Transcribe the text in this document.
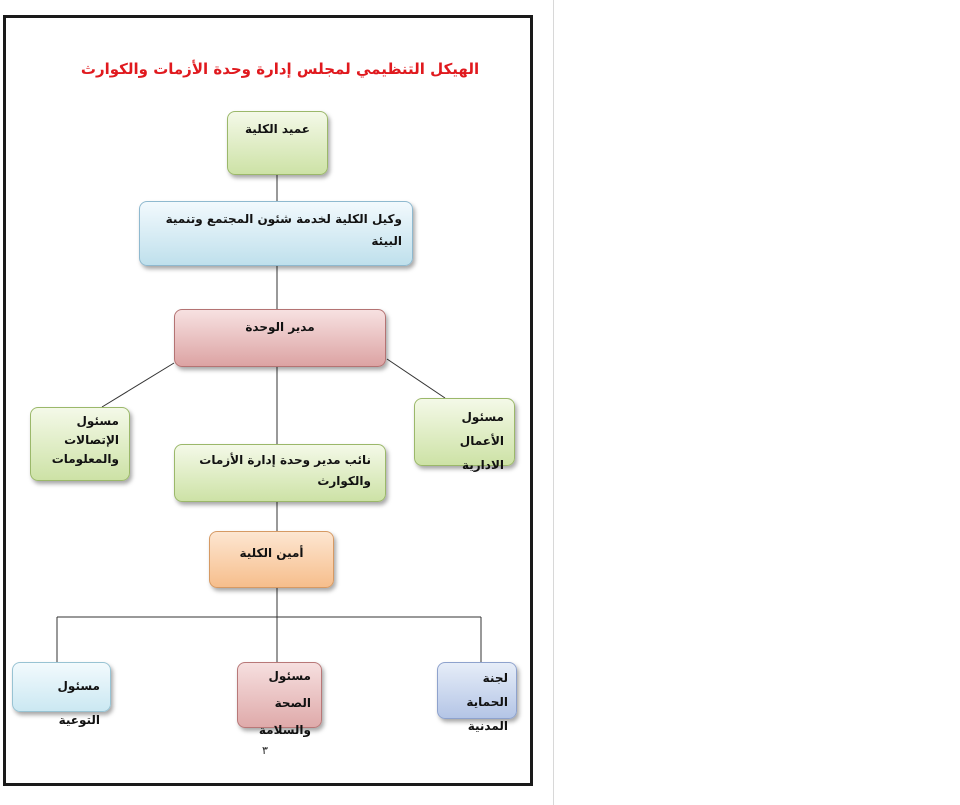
الهيكل التنظيمي لمجلس إدارة وحدة الأزمات والكوارث
عميد الكلية
وكيل الكلية لخدمة شئون المجتمع وتنمية البيئة
مدير الوحدة
مسئول الإتصالات والمعلومات
مسئول الأعمال الادارية
نائب مدير وحدة إدارة الأزمات والكوارث
أمين الكلية
مسئول التوعية
مسئول الصحة والسلامة
لجنة الحماية المدنية
٣
